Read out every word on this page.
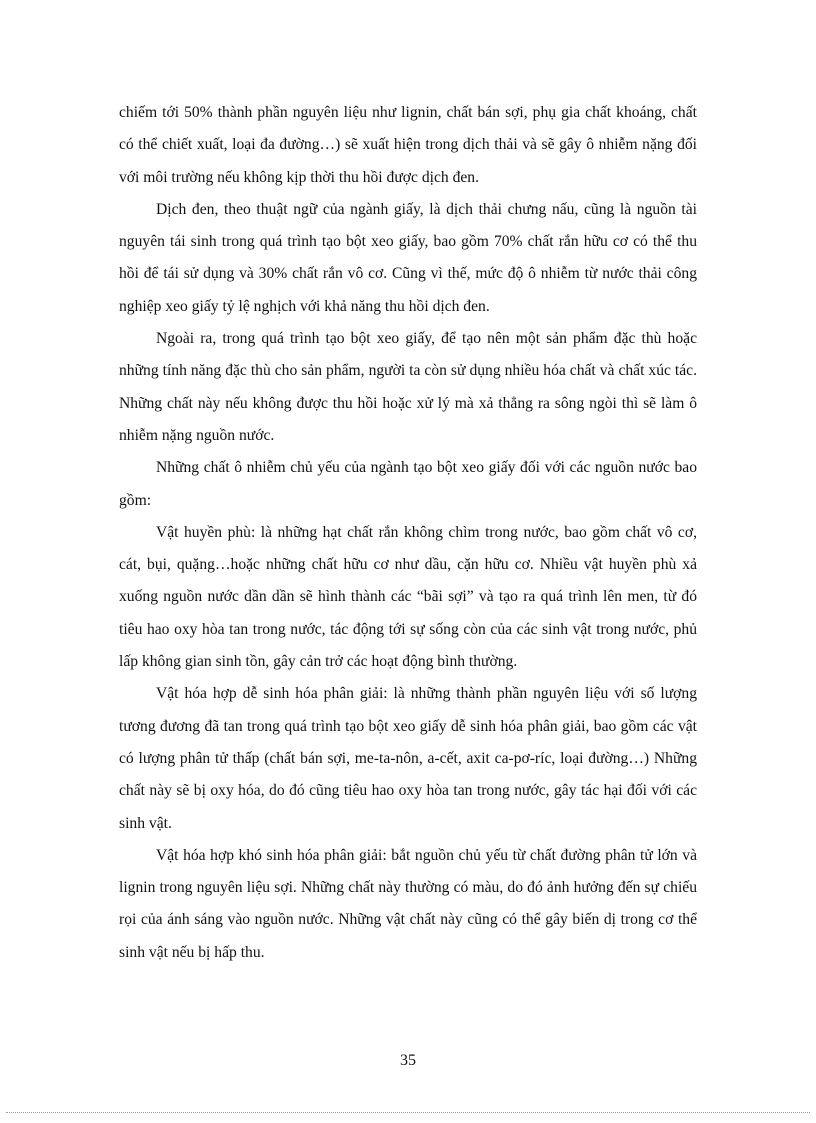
chiếm tới 50% thành phần nguyên liệu như lignin, chất bán sợi, phụ gia chất khoáng, chất có thể chiết xuất, loại đa đường…) sẽ xuất hiện trong dịch thải và sẽ gây ô nhiễm nặng đối với môi trường nếu không kịp thời thu hồi được dịch đen.

Dịch đen, theo thuật ngữ của ngành giấy, là dịch thải chưng nấu, cũng là nguồn tài nguyên tái sinh trong quá trình tạo bột xeo giấy, bao gồm 70% chất rắn hữu cơ có thể thu hồi để tái sử dụng và 30% chất rắn vô cơ. Cũng vì thế, mức độ ô nhiễm từ nước thải công nghiệp xeo giấy tỷ lệ nghịch với khả năng thu hồi dịch đen.

Ngoài ra, trong quá trình tạo bột xeo giấy, để tạo nên một sản phẩm đặc thù hoặc những tính năng đặc thù cho sản phẩm, người ta còn sử dụng nhiều hóa chất và chất xúc tác. Những chất này nếu không được thu hồi hoặc xử lý mà xả thẳng ra sông ngòi thì sẽ làm ô nhiễm nặng nguồn nước.

Những chất ô nhiễm chủ yếu của ngành tạo bột xeo giấy đối với các nguồn nước bao gồm:

Vật huyền phù: là những hạt chất rắn không chìm trong nước, bao gồm chất vô cơ, cát, bụi, quặng…hoặc những chất hữu cơ như dầu, cặn hữu cơ. Nhiều vật huyền phù xả xuống nguồn nước dần dần sẽ hình thành các “bãi sợi” và tạo ra quá trình lên men, từ đó tiêu hao oxy hòa tan trong nước, tác động tới sự sống còn của các sinh vật trong nước, phủ lấp không gian sinh tồn, gây cản trở các hoạt động bình thường.

Vật hóa hợp dễ sinh hóa phân giải: là những thành phần nguyên liệu với số lượng tương đương đã tan trong quá trình tạo bột xeo giấy dễ sinh hóa phân giải, bao gồm các vật có lượng phân tử thấp (chất bán sợi, me-ta-nôn, a-cết, axit ca-pơ-ríc, loại đường…) Những chất này sẽ bị oxy hóa, do đó cũng tiêu hao oxy hòa tan trong nước, gây tác hại đối với các sinh vật.

Vật hóa hợp khó sinh hóa phân giải: bắt nguồn chủ yếu từ chất đường phân tử lớn và lignin trong nguyên liệu sợi. Những chất này thường có màu, do đó ảnh hưởng đến sự chiếu rọi của ánh sáng vào nguồn nước. Những vật chất này cũng có thể gây biến dị trong cơ thể sinh vật nếu bị hấp thu.

35
